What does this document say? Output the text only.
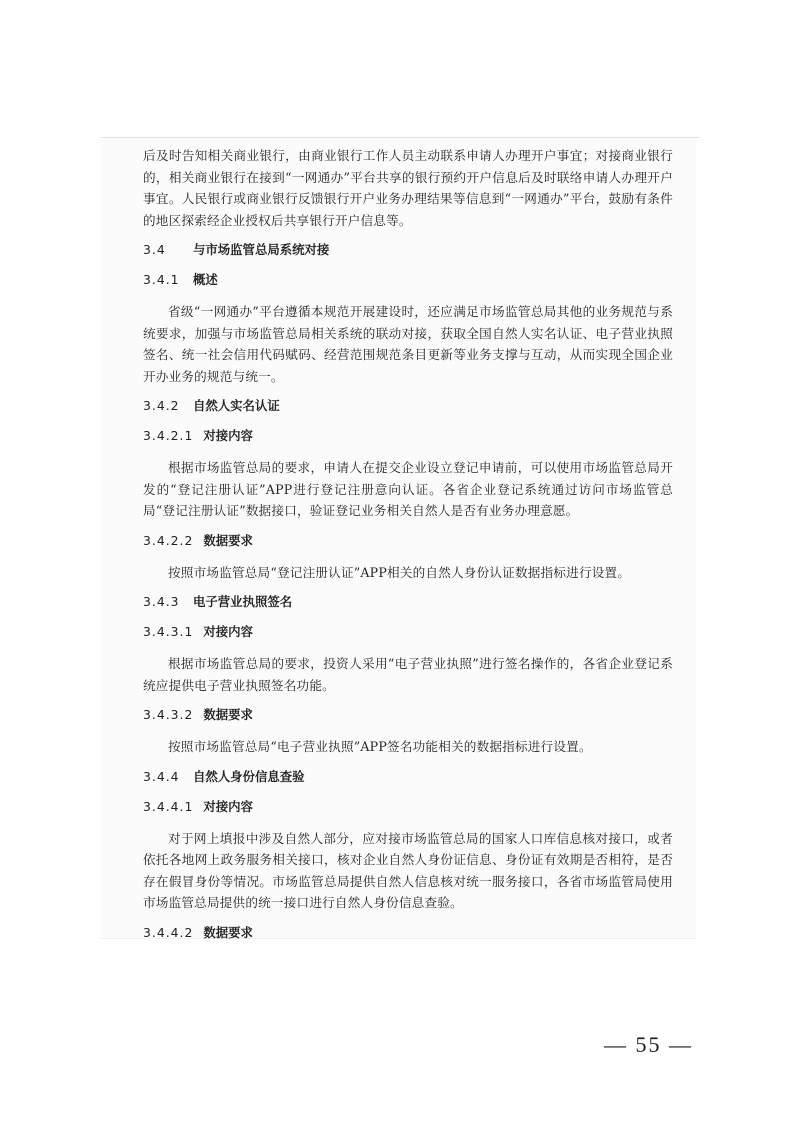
后及时告知相关商业银行，由商业银行工作人员主动联系申请人办理开户事宜；对接商业银行的，相关商业银行在接到“一网通办”平台共享的银行预约开户信息后及时联络申请人办理开户事宜。人民银行或商业银行反馈银行开户业务办理结果等信息到“一网通办”平台，鼓励有条件的地区探索经企业授权后共享银行开户信息等。

3.4 与市场监管总局系统对接
3.4.1 概述

省级“一网通办”平台遵循本规范开展建设时，还应满足市场监管总局其他的业务规范与系统要求，加强与市场监管总局相关系统的联动对接，获取全国自然人实名认证、电子营业执照签名、统一社会信用代码赋码、经营范围规范条目更新等业务支撑与互动，从而实现全国企业开办业务的规范与统一。

3.4.2 自然人实名认证
3.4.2.1 对接内容

根据市场监管总局的要求，申请人在提交企业设立登记申请前，可以使用市场监管总局开发的“登记注册认证”APP进行登记注册意向认证。各省企业登记系统通过访问市场监管总局“登记注册认证”数据接口，验证登记业务相关自然人是否有业务办理意愿。

3.4.2.2 数据要求

按照市场监管总局“登记注册认证”APP相关的自然人身份认证数据指标进行设置。

3.4.3 电子营业执照签名
3.4.3.1 对接内容

根据市场监管总局的要求，投资人采用“电子营业执照”进行签名操作的，各省企业登记系统应提供电子营业执照签名功能。

3.4.3.2 数据要求

按照市场监管总局“电子营业执照”APP签名功能相关的数据指标进行设置。

3.4.4 自然人身份信息查验
3.4.4.1 对接内容

对于网上填报中涉及自然人部分，应对接市场监管总局的国家人口库信息核对接口，或者依托各地网上政务服务相关接口，核对企业自然人身份证信息、身份证有效期是否相符，是否存在假冒身份等情况。市场监管总局提供自然人信息核对统一服务接口，各省市场监管局使用市场监管总局提供的统一接口进行自然人身份信息查验。

3.4.4.2 数据要求
— 55 —
